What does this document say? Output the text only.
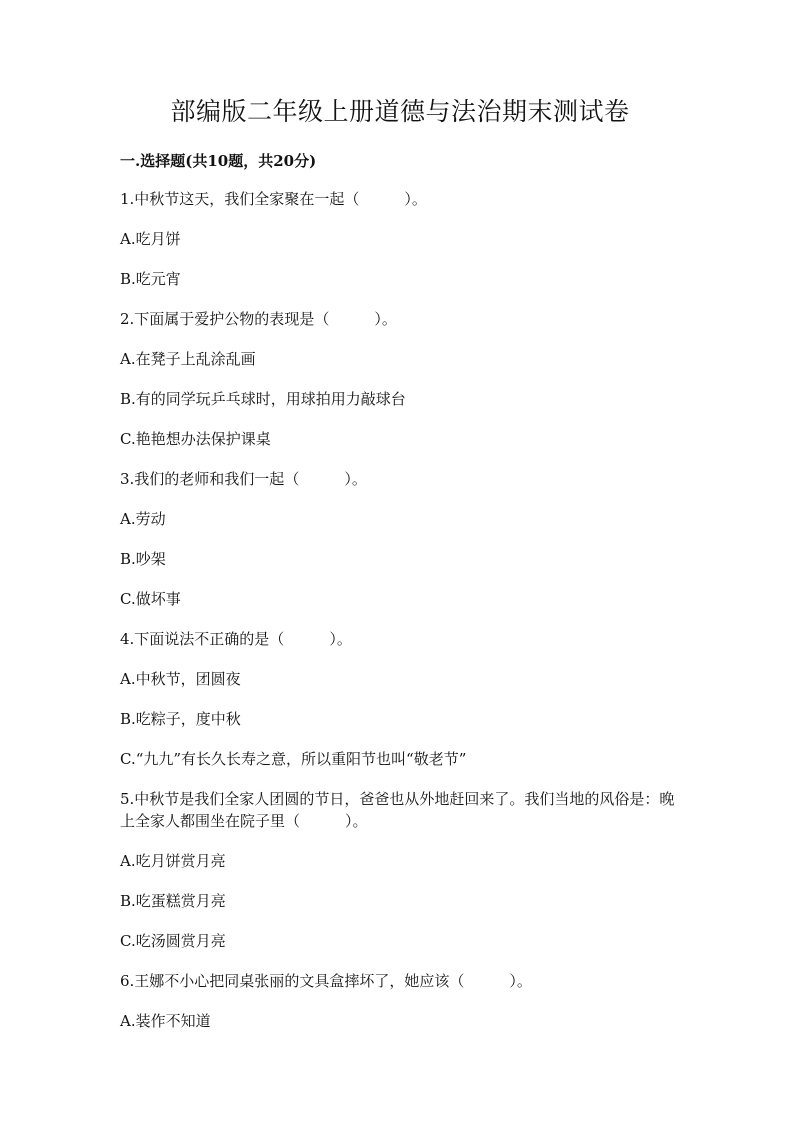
部编版二年级上册道德与法治期末测试卷
一.选择题(共10题，共20分)

1.中秋节这天，我们全家聚在一起（　　　）。

A.吃月饼

B.吃元宵

2.下面属于爱护公物的表现是（　　　）。

A.在凳子上乱涂乱画

B.有的同学玩乒乓球时，用球拍用力敲球台

C.艳艳想办法保护课桌

3.我们的老师和我们一起（　　　）。

A.劳动

B.吵架

C.做坏事

4.下面说法不正确的是（　　　）。

A.中秋节，团圆夜

B.吃粽子，度中秋

C.“九九”有长久长寿之意，所以重阳节也叫“敬老节”

5.中秋节是我们全家人团圆的节日，爸爸也从外地赶回来了。我们当地的风俗是：晚上全家人都围坐在院子里（　　　）。

A.吃月饼赏月亮

B.吃蛋糕赏月亮

C.吃汤圆赏月亮

6.王娜不小心把同桌张丽的文具盒摔坏了，她应该（　　　）。

A.装作不知道
